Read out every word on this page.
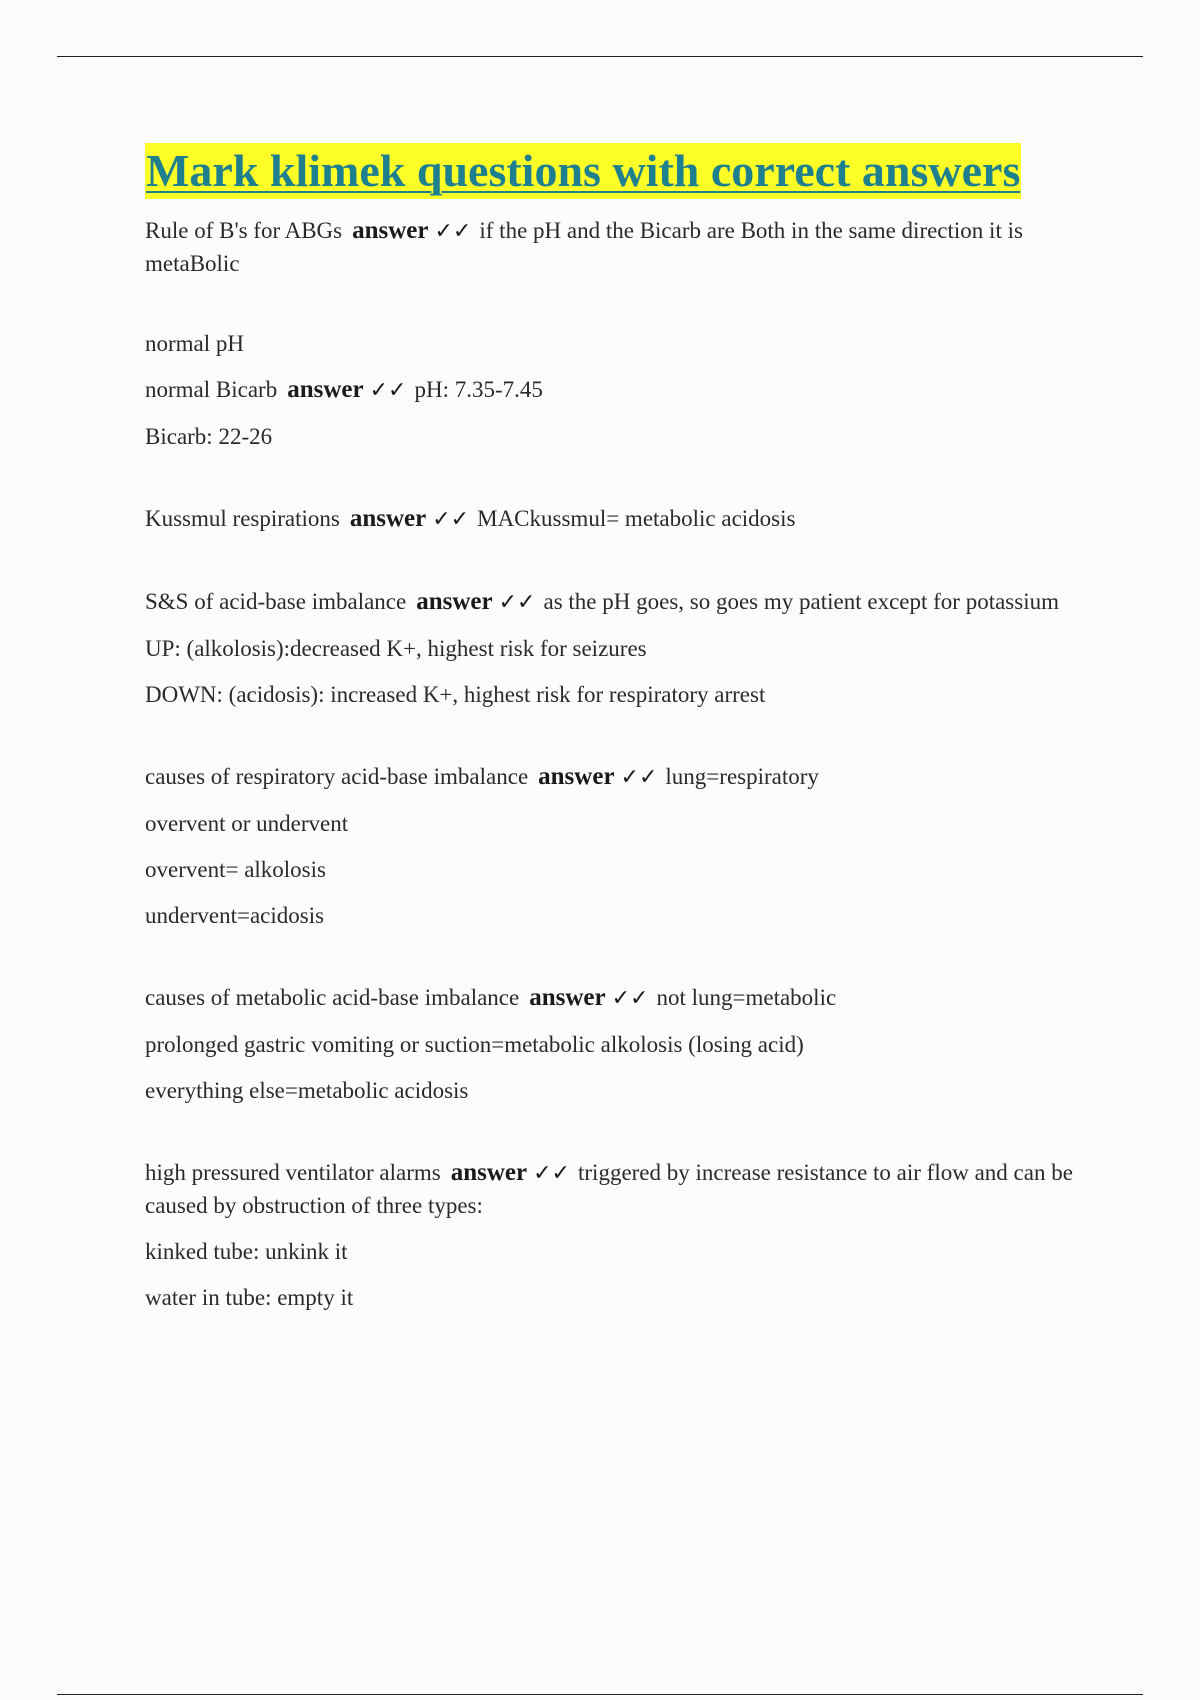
Mark klimek questions with correct answers

Rule of B's for ABGs answer ✓✓ if the pH and the Bicarb are Both in the same direction it is metaBolic

normal pH

normal Bicarb answer ✓✓ pH: 7.35-7.45

Bicarb: 22-26

Kussmul respirations answer ✓✓ MACkussmul= metabolic acidosis

S&S of acid-base imbalance answer ✓✓ as the pH goes, so goes my patient except for potassium

UP: (alkolosis):decreased K+, highest risk for seizures

DOWN: (acidosis): increased K+, highest risk for respiratory arrest

causes of respiratory acid-base imbalance answer ✓✓ lung=respiratory

overvent or undervent

overvent= alkolosis

undervent=acidosis

causes of metabolic acid-base imbalance answer ✓✓ not lung=metabolic

prolonged gastric vomiting or suction=metabolic alkolosis (losing acid)

everything else=metabolic acidosis

high pressured ventilator alarms answer ✓✓ triggered by increase resistance to air flow and can be caused by obstruction of three types:

kinked tube: unkink it

water in tube: empty it
